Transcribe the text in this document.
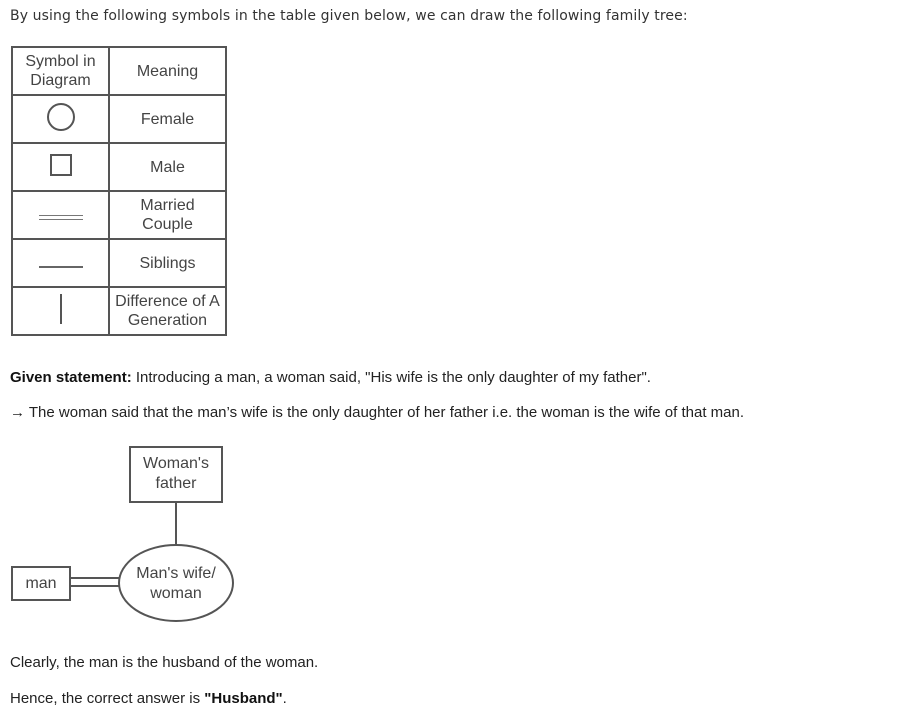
By using the following symbols in the table given below, we can draw the following family tree:
Symbol in Diagram	Meaning
	Female
	Male
	Married Couple
	Siblings
	Difference of A Generation
Given statement: Introducing a man, a woman said, "His wife is the only daughter of my father".
→ The woman said that the man’s wife is the only daughter of her father i.e. the woman is the wife of that man.
Woman's
father
man
Man's wife/
woman
Clearly, the man is the husband of the woman.
Hence, the correct answer is "Husband".
